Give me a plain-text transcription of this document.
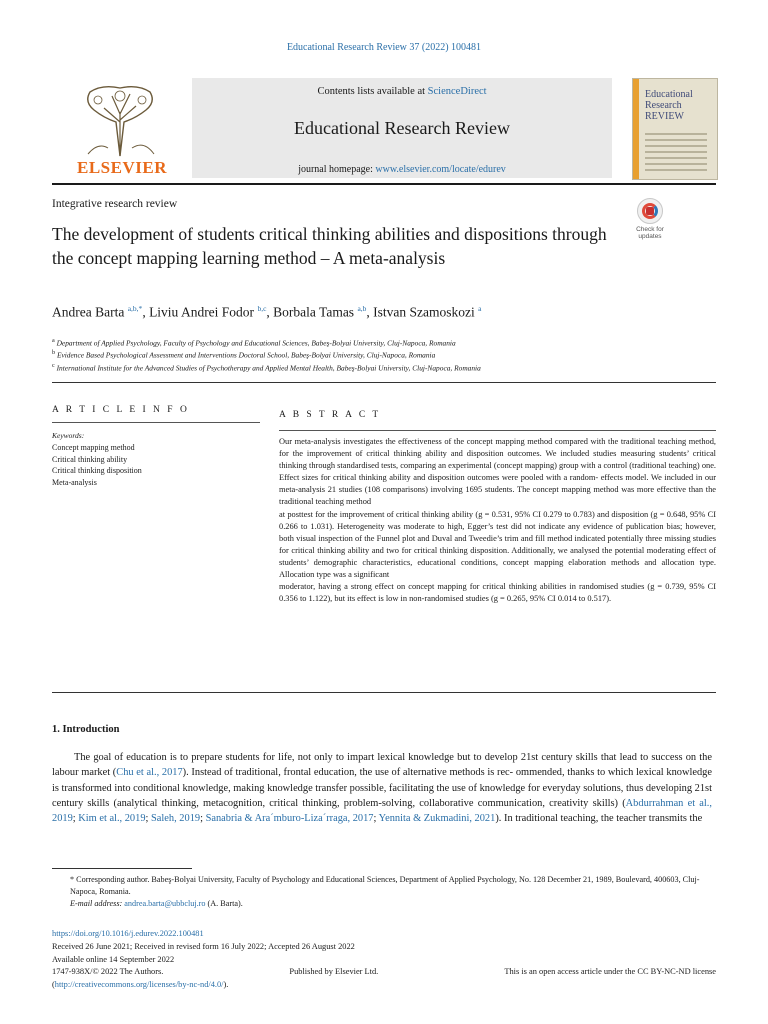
Educational Research Review 37 (2022) 100481
ELSEVIER
Contents lists available at ScienceDirect
Educational Research Review
journal homepage: www.elsevier.com/locate/edurev
Educational Research REVIEW
Integrative research review
Check for updates
The development of students critical thinking abilities and dispositions through the concept mapping learning method – A meta-analysis
Andrea Barta $^{a,b,*}$, Liviu Andrei Fodor $^{b,c}$, Borbala Tamas $^{a,b}$, Istvan Szamoskozi $^a$
$^a$ Department of Applied Psychology, Faculty of Psychology and Educational Sciences, Babeş-Bolyai University, Cluj-Napoca, Romania
$^b$ Evidence Based Psychological Assessment and Interventions Doctoral School, Babeş-Bolyai University, Cluj-Napoca, Romania
$^c$ International Institute for the Advanced Studies of Psychotherapy and Applied Mental Health, Babeş-Bolyai University, Cluj-Napoca, Romania
A R T I C L E I N F O
Keywords:
Concept mapping method
Critical thinking ability
Critical thinking disposition
Meta-analysis
A B S T R A C T

Our meta-analysis investigates the effectiveness of the concept mapping method compared with the traditional teaching method, for the improvement of critical thinking ability and disposition outcomes. We included studies measuring students’ critical thinking through standardised tests, comparing an experimental (concept mapping) group with a control (traditional teaching) one. Effect sizes for critical thinking ability and disposition outcomes were pooled with a random- effects model. We included in our meta-analysis 21 studies (108 comparisons) involving 1695 students. The concept mapping method was more effective than the traditional teaching method

at posttest for the improvement of critical thinking ability (g = 0.531, 95% CI 0.279 to 0.783) and disposition (g = 0.648, 95% CI 0.266 to 1.031). Heterogeneity was moderate to high, Egger’s test did not indicate any evidence of publication bias; however, both visual inspection of the Funnel plot and Duval and Tweedie’s trim and fill method indicated potentially three missing studies for critical thinking ability and two for critical thinking disposition. Additionally, we analysed the potential moderating effect of students’ demographic characteristics, educational conditions, concept mapping elaboration methods and allocation type. Allocation type was a significant

moderator, having a strong effect on concept mapping for critical thinking abilities in randomised studies (g = 0.739, 95% CI 0.356 to 1.122), but its effect is low in non-randomised studies (g = 0.265, 95% CI 0.014 to 0.517).

1. Introduction
The goal of education is to prepare students for life, not only to impart lexical knowledge but to develop 21st century skills that lead to success on the labour market (Chu et al., 2017). Instead of traditional, frontal education, the use of alternative methods is rec- ommended, thanks to which lexical knowledge is transformed into conditional knowledge, making knowledge transfer possible, facilitating the use of knowledge for everyday solutions, thus developing 21st century skills (analytical thinking, metacognition, critical thinking, problem-solving, collaborative communication, creativity skills) (Abdurrahman et al., 2019; Kim et al., 2019; Saleh, 2019; Sanabria & Ara´mburo-Liza´rraga, 2017; Yennita & Zukmadini, 2021). In traditional teaching, the teacher transmits the

* Corresponding author. Babeş-Bolyai University, Faculty of Psychology and Educational Sciences, Department of Applied Psychology, No. 128 December 21, 1989, Boulevard, 400603, Cluj-Napoca, Romania.

E-mail address: andrea.barta@ubbcluj.ro (A. Barta).

https://doi.org/10.1016/j.edurev.2022.100481

Received 26 June 2021; Received in revised form 16 July 2022; Accepted 26 August 2022

Available online 14 September 2022

1747-938X/© 2022 The Authors.	Published by Elsevier Ltd.	This is an open access article under the CC BY-NC-ND license

(http://creativecommons.org/licenses/by-nc-nd/4.0/).
